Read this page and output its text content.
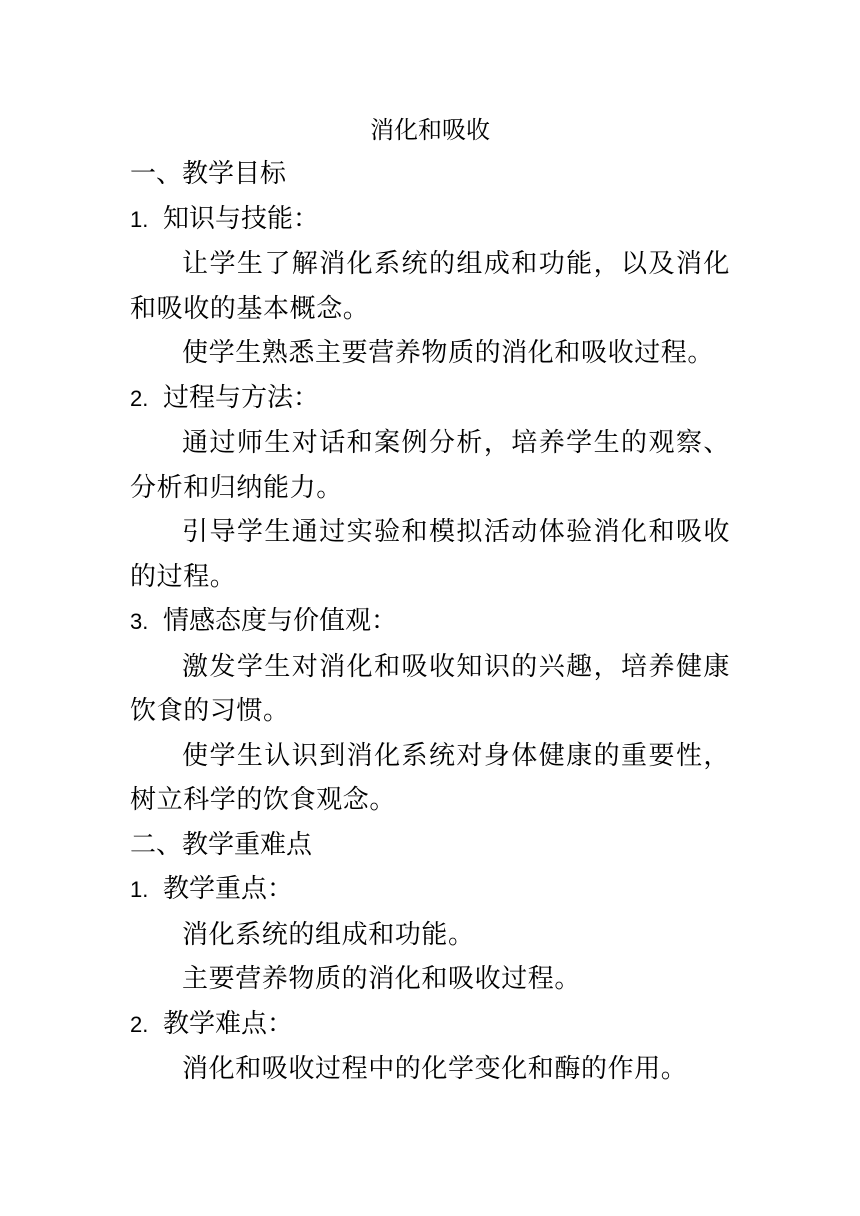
消化和吸收

一、教学目标

1. 知识与技能：

让学生了解消化系统的组成和功能，以及消化和吸收的基本概念。

使学生熟悉主要营养物质的消化和吸收过程。

2. 过程与方法：

通过师生对话和案例分析，培养学生的观察、分析和归纳能力。

引导学生通过实验和模拟活动体验消化和吸收的过程。

3. 情感态度与价值观：

激发学生对消化和吸收知识的兴趣，培养健康饮食的习惯。

使学生认识到消化系统对身体健康的重要性，树立科学的饮食观念。

二、教学重难点

1. 教学重点：

消化系统的组成和功能。

主要营养物质的消化和吸收过程。

2. 教学难点：

消化和吸收过程中的化学变化和酶的作用。
